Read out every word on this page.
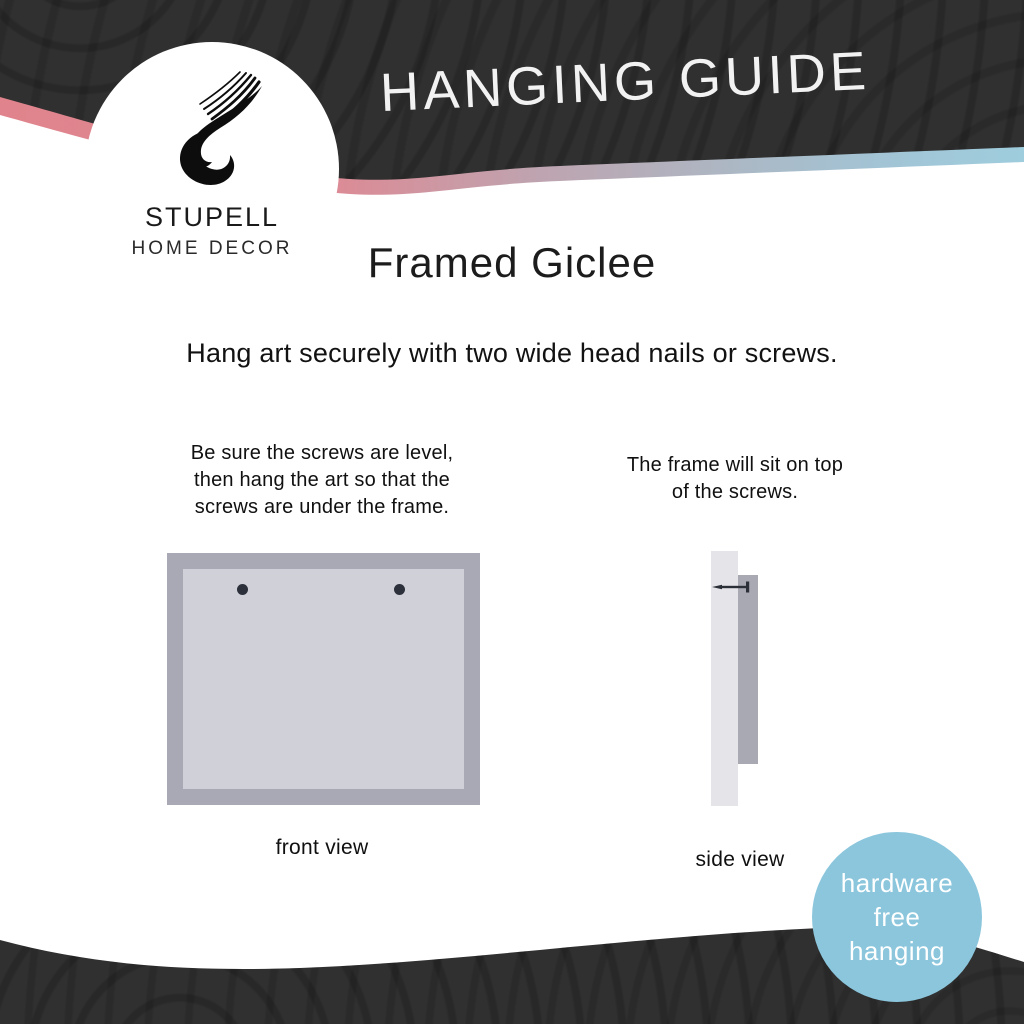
HANGING GUIDE
STUPELL
HOME DECOR	Framed Giclee
Hang art securely with two wide head nails or screws.
Be sure the screws are level,
then hang the art so that the
screws are under the frame.
front view
The frame will sit on top
of the screws.
side view
hardware
free
hanging
